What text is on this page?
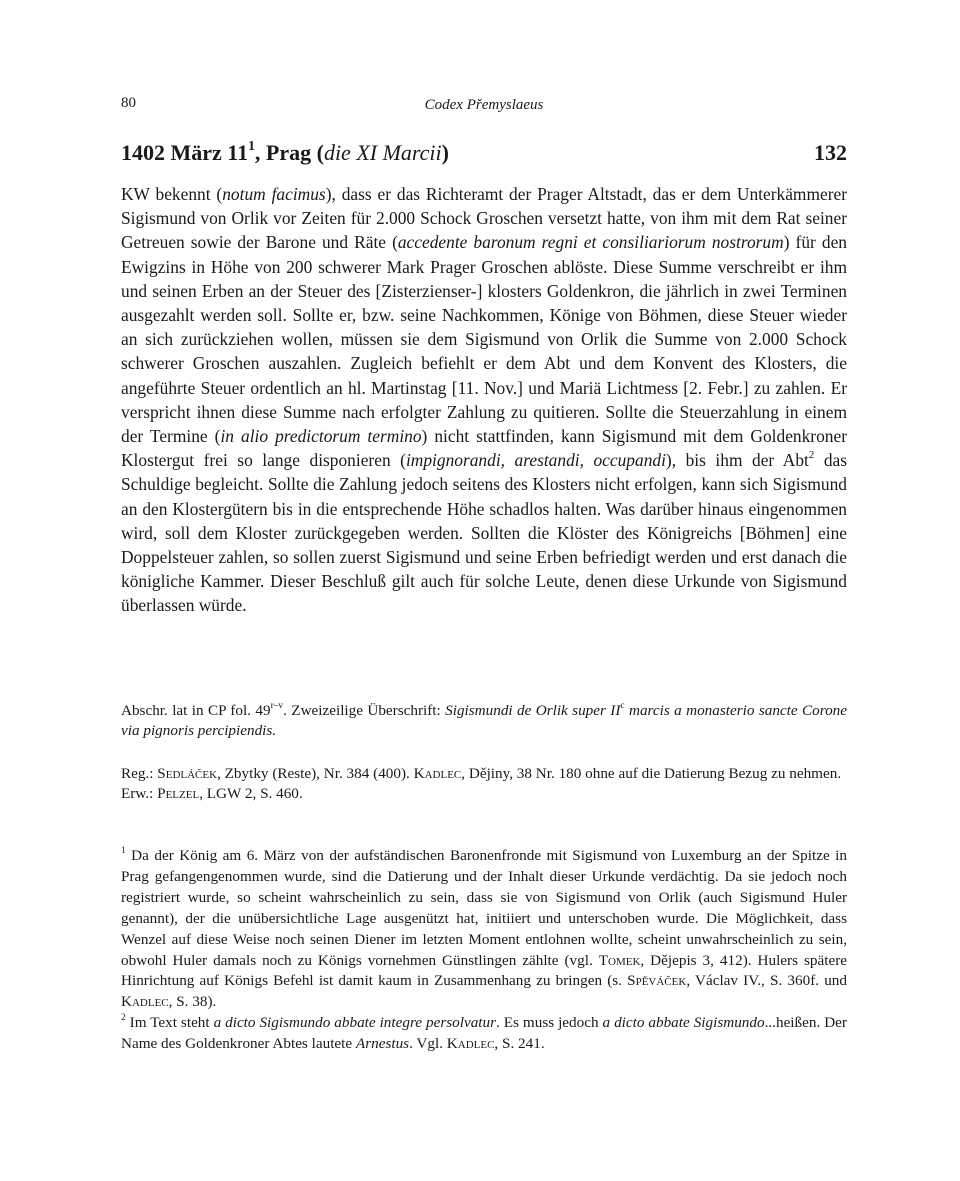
80	Codex Přemyslaeus
1402 März $11^1$, Prag (die XI Marcii)	132

KW bekennt (notum facimus), dass er das Richteramt der Prager Altstadt, das er dem Unterkämmerer Sigismund von Orlik vor Zeiten für 2.000 Schock Groschen versetzt hatte, von ihm mit dem Rat seiner Getreuen sowie der Barone und Räte (accedente baronum regni et consiliariorum nostrorum) für den Ewigzins in Höhe von 200 schwerer Mark Prager Groschen ablöste. Diese Summe verschreibt er ihm und seinen Erben an der Steuer des [Zisterzienser-] klosters Goldenkron, die jährlich in zwei Terminen ausgezahlt werden soll. Sollte er, bzw. seine Nachkommen, Könige von Böhmen, diese Steuer wieder an sich zurückziehen wollen, müssen sie dem Sigismund von Orlik die Summe von 2.000 Schock schwerer Groschen auszahlen. Zugleich befiehlt er dem Abt und dem Konvent des Klosters, die angeführte Steuer ordentlich an hl. Martinstag [11. Nov.] und Mariä Lichtmess [2. Febr.] zu zahlen. Er verspricht ihnen diese Summe nach erfolgter Zahlung zu quitieren. Sollte die Steuerzahlung in einem der Termine (in alio predictorum termino) nicht stattfinden, kann Sigismund mit dem Goldenkroner Klostergut frei so lange disponieren (impignorandi, arestandi, occupandi), bis ihm der Abt$^2$ das Schuldige begleicht. Sollte die Zahlung jedoch seitens des Klosters nicht erfolgen, kann sich Sigismund an den Klostergütern bis in die entsprechende Höhe schadlos halten. Was darüber hinaus eingenommen wird, soll dem Kloster zurückgegeben werden. Sollten die Klöster des Königreichs [Böhmen] eine Doppelsteuer zahlen, so sollen zuerst Sigismund und seine Erben befriedigt werden und erst danach die königliche Kammer. Dieser Beschluß gilt auch für solche Leute, denen diese Urkunde von Sigismund überlassen würde.

Abschr. lat in CP fol. 49$^{r-v}$. Zweizeilige Überschrift: Sigismundi de Orlik super $II^c$ marcis a monasterio sancte Corone via pignoris percipiendis.

Reg.: Sedláček, Zbytky (Reste), Nr. 384 (400). Kadlec, Dějiny, 38 Nr. 180 ohne auf die Datierung Bezug zu nehmen.

Erw.: Pelzel, LGW 2, S. 460.

$^1$ Da der König am 6. März von der aufständischen Baronenfronde mit Sigismund von Luxemburg an der Spitze in Prag gefangengenommen wurde, sind die Datierung und der Inhalt dieser Urkunde verdächtig. Da sie jedoch noch registriert wurde, so scheint wahrscheinlich zu sein, dass sie von Sigismund von Orlik (auch Sigismund Huler genannt), der die unübersichtliche Lage ausgenützt hat, initiiert und unterschoben wurde. Die Möglichkeit, dass Wenzel auf diese Weise noch seinen Diener im letzten Moment entlohnen wollte, scheint unwahrscheinlich zu sein, obwohl Huler damals noch zu Königs vornehmen Günstlingen zählte (vgl. Tomek, Dějepis 3, 412). Hulers spätere Hinrichtung auf Königs Befehl ist damit kaum in Zusammenhang zu bringen (s. Spěváček, Václav IV., S. 360f. und Kadlec, S. 38).

$^2$ Im Text steht a dicto Sigismundo abbate integre persolvatur. Es muss jedoch a dicto abbate Sigismundo...heißen. Der Name des Goldenkroner Abtes lautete Arnestus. Vgl. Kadlec, S. 241.
